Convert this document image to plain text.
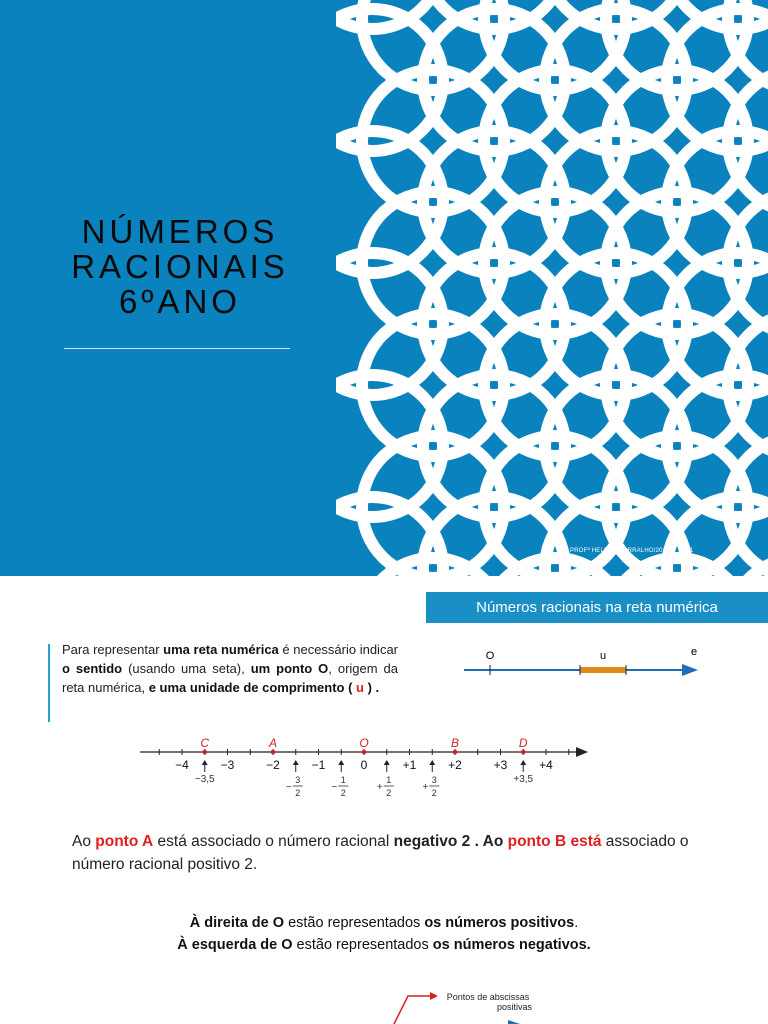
NÚMEROS
RACIONAIS
6ºANO
PROFª HELENA BORRALHO/2019	1
Números racionais na reta numérica
Para representar uma reta numérica é necessário indicar o sentido (usando uma seta), um ponto O, origem da reta numérica, e uma unidade de comprimento ( u ) .
O	u	e
−4	−3	−2	−1	0	+1	+2	+3	+4
C	A	O	B	D
−3,5
−
3
2	−
1
2	+
1
2	+
3
2
+3,5
Ao ponto A está associado o número racional negativo 2 . Ao ponto B está associado o número racional positivo 2.
À direita de O estão representados os números positivos.
À esquerda de O estão representados os números negativos.
Pontos de abscissas
positivas
